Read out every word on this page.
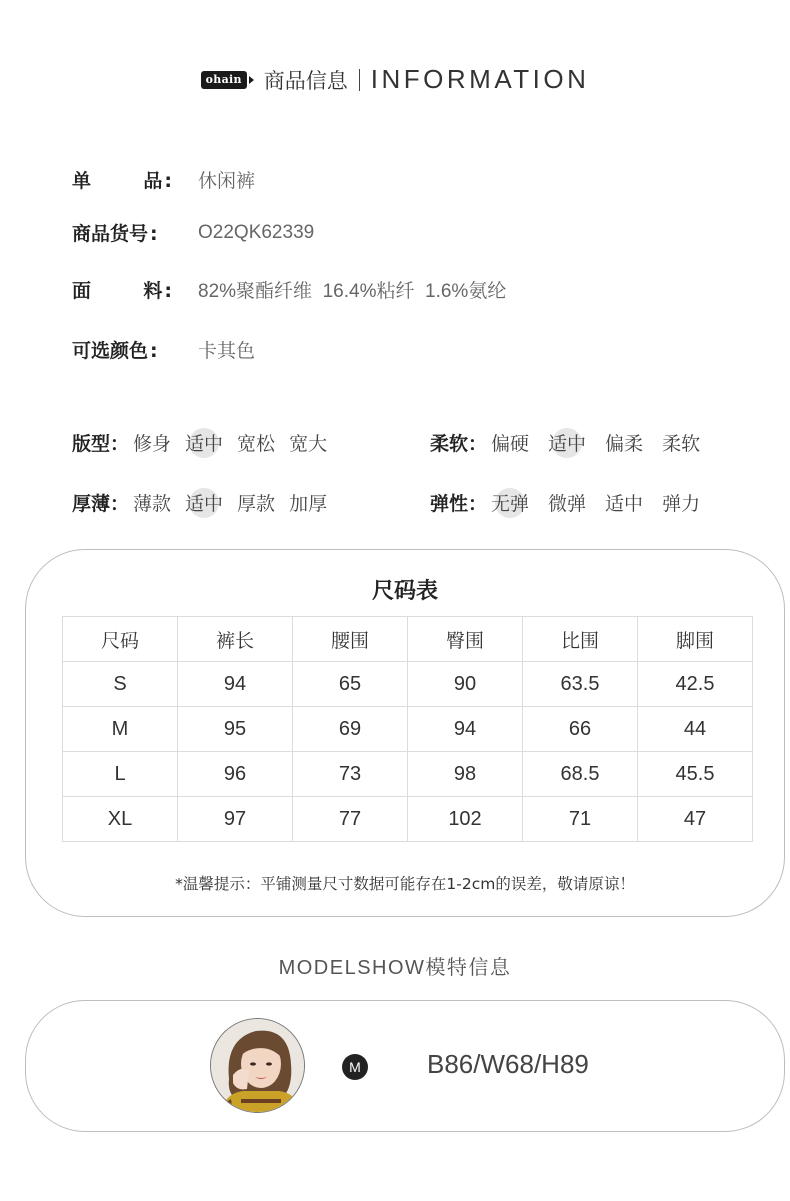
ohain 商品信息 INFORMATION
单	品 : 休闲裤
商品货号 : O22QK62339
面	料 : 82%聚酯纤维  16.4%粘纤  1.6%氨纶
可选颜色 : 卡其色
版型： 修身 适中 宽松 宽大	柔软： 偏硬 适中 偏柔 柔软
厚薄： 薄款 适中 厚款 加厚	弹性： 无弹 微弹 适中 弹力
尺码表
尺码	裤长	腰围	臀围	比围	脚围
S	94	65	90	63.5	42.5
M	95	69	94	66	44
L	96	73	98	68.5	45.5
XL	97	77	102	71	47
*温馨提示：平铺测量尺寸数据可能存在1-2cm的误差，敬请原谅！
MODELSHOW模特信息
M	B86/W68/H89
